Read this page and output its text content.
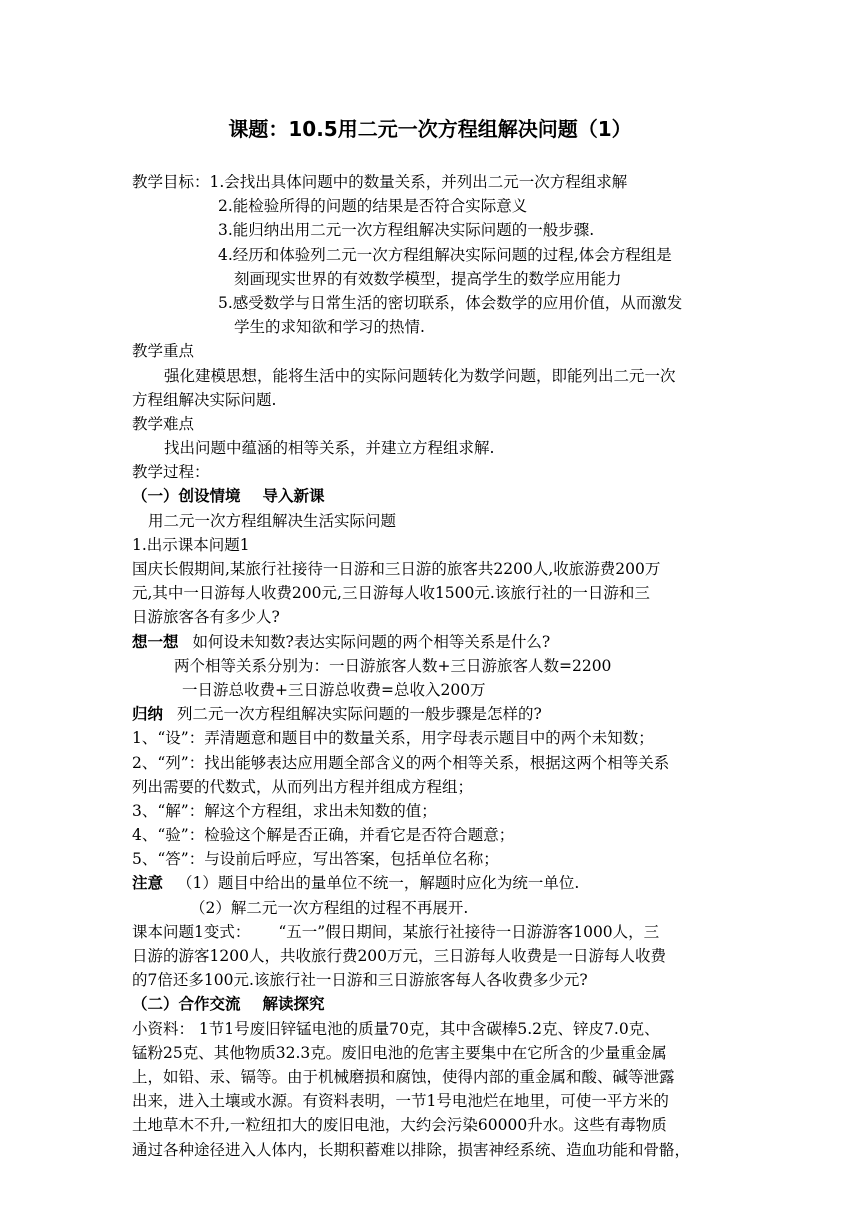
课题：10.5用二元一次方程组解决问题（1）
教学目标：1.会找出具体问题中的数量关系，并列出二元一次方程组求解
2.能检验所得的问题的结果是否符合实际意义
3.能归纳出用二元一次方程组解决实际问题的一般步骤.
4.经历和体验列二元一次方程组解决实际问题的过程,体会方程组是
刻画现实世界的有效数学模型，提高学生的数学应用能力
5.感受数学与日常生活的密切联系，体会数学的应用价值，从而激发
学生的求知欲和学习的热情.
教学重点
强化建模思想，能将生活中的实际问题转化为数学问题，即能列出二元一次
方程组解决实际问题.
教学难点
找出问题中蕴涵的相等关系，并建立方程组求解.
教学过程：
（一）创设情境 导入新课
用二元一次方程组解决生活实际问题
1.出示课本问题1
国庆长假期间,某旅行社接待一日游和三日游的旅客共2200人,收旅游费200万
元,其中一日游每人收费200元,三日游每人收1500元.该旅行社的一日游和三
日游旅客各有多少人?
想一想 如何设未知数?表达实际问题的两个相等关系是什么?
两个相等关系分别为：一日游旅客人数+三日游旅客人数=2200
一日游总收费+三日游总收费=总收入200万
归纳 列二元一次方程组解决实际问题的一般步骤是怎样的?
1、“设”：弄清题意和题目中的数量关系，用字母表示题目中的两个未知数；
2、“列”：找出能够表达应用题全部含义的两个相等关系，根据这两个相等关系
列出需要的代数式，从而列出方程并组成方程组；
3、“解”：解这个方程组，求出未知数的值；
4、“验”：检验这个解是否正确，并看它是否符合题意；
5、“答”：与设前后呼应，写出答案，包括单位名称；
注意 （1）题目中给出的量单位不统一，解题时应化为统一单位.
（2）解二元一次方程组的过程不再展开.
课本问题1变式： “五一”假日期间，某旅行社接待一日游游客1000人，三
日游的游客1200人，共收旅行费200万元，三日游每人收费是一日游每人收费
的7倍还多100元.该旅行社一日游和三日游旅客每人各收费多少元?
（二）合作交流 解读探究
小资料： 1节1号废旧锌锰电池的质量70克，其中含碳棒5.2克、锌皮7.0克、
锰粉25克、其他物质32.3克。废旧电池的危害主要集中在它所含的少量重金属
上，如铅、汞、镉等。由于机械磨损和腐蚀，使得内部的重金属和酸、碱等泄露
出来，进入土壤或水源。有资料表明，一节1号电池烂在地里，可使一平方米的
土地草木不升,一粒纽扣大的废旧电池，大约会污染60000升水。这些有毒物质
通过各种途径进入人体内，长期积蓄难以排除，损害神经系统、造血功能和骨骼，
